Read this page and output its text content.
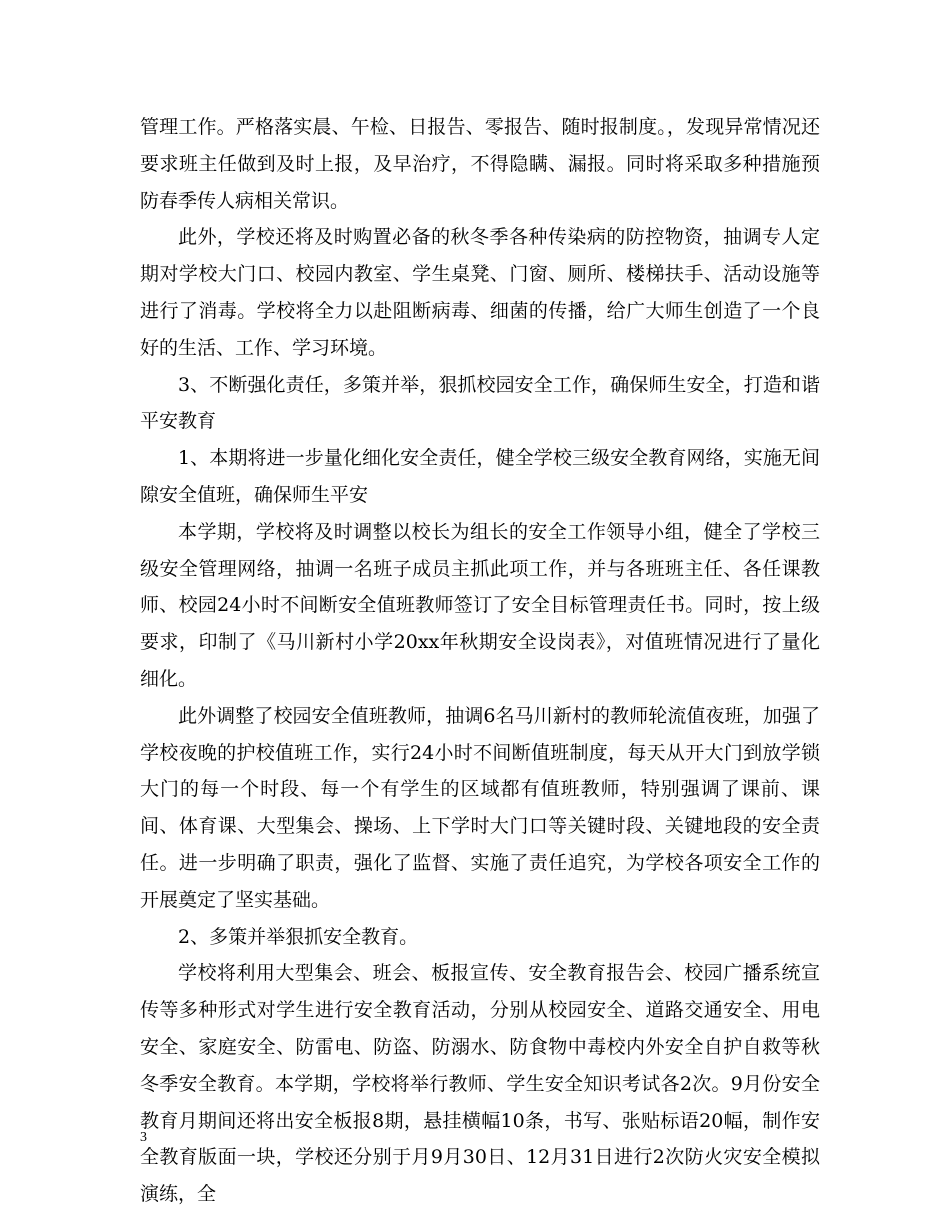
管理工作。严格落实晨、午检、日报告、零报告、随时报制度。，发现异常情况还要求班主任做到及时上报，及早治疗，不得隐瞒、漏报。同时将采取多种措施预防春季传人病相关常识。

此外，学校还将及时购置必备的秋冬季各种传染病的防控物资，抽调专人定期对学校大门口、校园内教室、学生桌凳、门窗、厕所、楼梯扶手、活动设施等进行了消毒。学校将全力以赴阻断病毒、细菌的传播，给广大师生创造了一个良好的生活、工作、学习环境。

3、不断强化责任，多策并举，狠抓校园安全工作，确保师生安全，打造和谐平安教育

1、本期将进一步量化细化安全责任，健全学校三级安全教育网络，实施无间隙安全值班，确保师生平安

本学期，学校将及时调整以校长为组长的安全工作领导小组，健全了学校三级安全管理网络，抽调一名班子成员主抓此项工作，并与各班班主任、各任课教师、校园24小时不间断安全值班教师签订了安全目标管理责任书。同时，按上级要求，印制了《马川新村小学20xx年秋期安全设岗表》，对值班情况进行了量化细化。

此外调整了校园安全值班教师，抽调6名马川新村的教师轮流值夜班，加强了学校夜晚的护校值班工作，实行24小时不间断值班制度，每天从开大门到放学锁大门的每一个时段、每一个有学生的区域都有值班教师，特别强调了课前、课间、体育课、大型集会、操场、上下学时大门口等关键时段、关键地段的安全责任。进一步明确了职责，强化了监督、实施了责任追究，为学校各项安全工作的开展奠定了坚实基础。

2、多策并举狠抓安全教育。

学校将利用大型集会、班会、板报宣传、安全教育报告会、校园广播系统宣传等多种形式对学生进行安全教育活动，分别从校园安全、道路交通安全、用电安全、家庭安全、防雷电、防盗、防溺水、防食物中毒校内外安全自护自救等秋冬季安全教育。本学期，学校将举行教师、学生安全知识考试各2次。9月份安全教育月期间还将出安全板报8期，悬挂横幅10条，书写、张贴标语20幅，制作安全教育版面一块，学校还分别于月9月30日、12月31日进行2次防火灾安全模拟演练，全

3
